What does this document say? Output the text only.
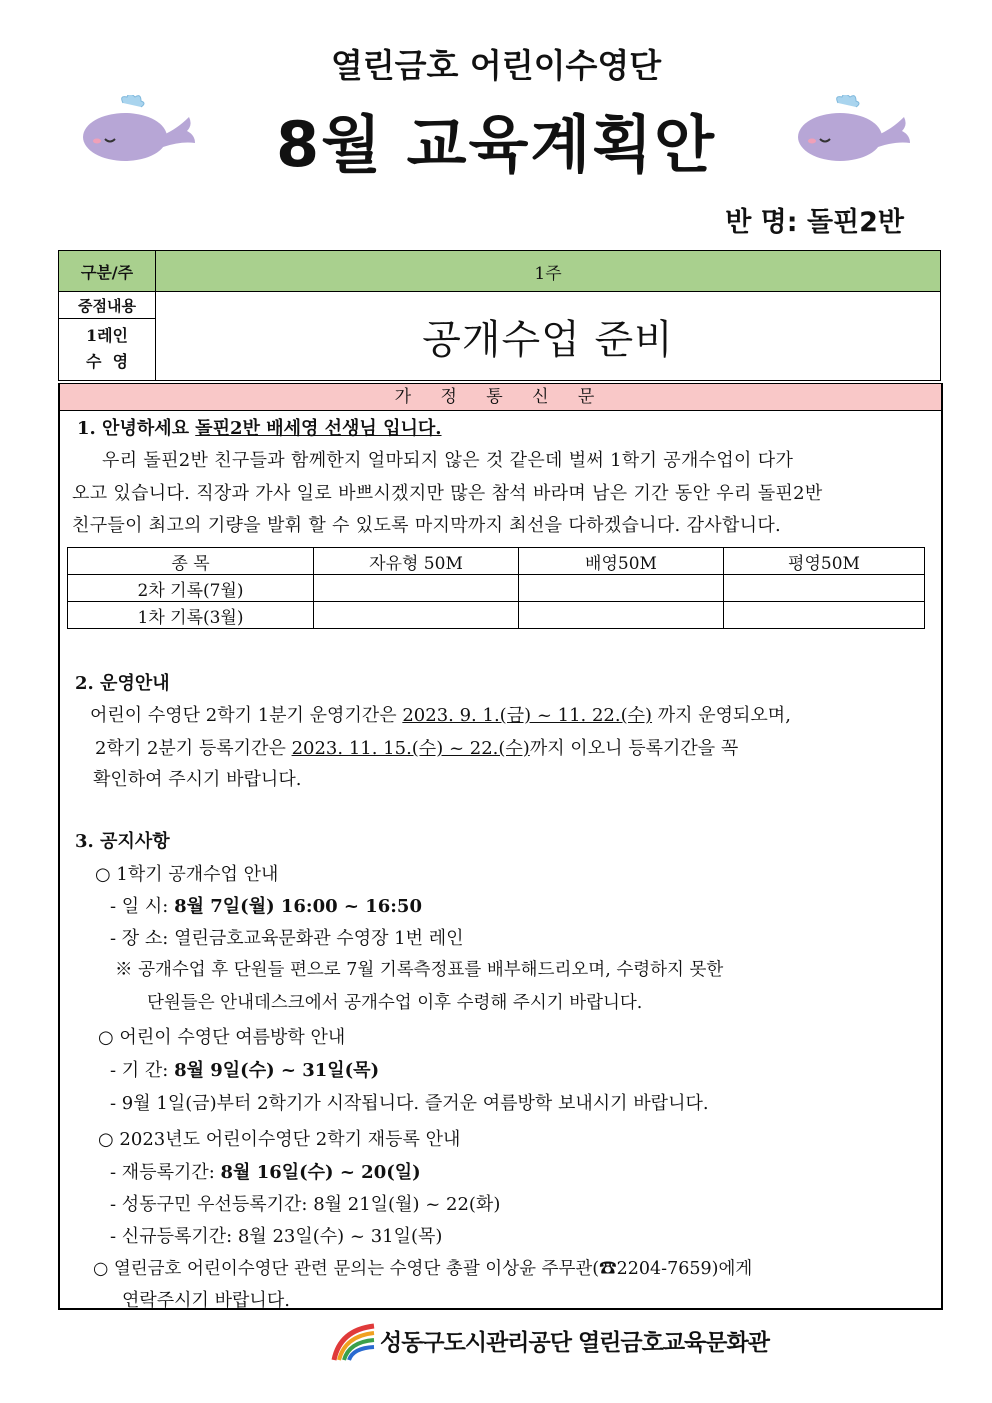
열린금호 어린이수영단
8월 교육계획안
반 명: 돌핀2반
구분/주	1주

중점내용
1레인
수  영	공개수업 준비
가 정 통 신 문
1. 안녕하세요 돌핀2반 배세영 선생님 입니다.
우리 돌핀2반 친구들과 함께한지 얼마되지 않은 것 같은데 벌써 1학기 공개수업이 다가
오고 있습니다. 직장과 가사 일로 바쁘시겠지만 많은 참석 바라며 남은 기간 동안 우리 돌핀2반
친구들이 최고의 기량을 발휘 할 수 있도록 마지막까지 최선을 다하겠습니다. 감사합니다.
종 목	자유형 50M	배영50M	평영50M
2차 기록(7월)			
1차 기록(3월)			
2. 운영안내
어린이 수영단 2학기 1분기 운영기간은 2023. 9. 1.(금) ~ 11. 22.(수) 까지 운영되오며,
2학기 2분기 등록기간은 2023. 11. 15.(수) ~ 22.(수)까지 이오니 등록기간을 꼭
확인하여 주시기 바랍니다.
3. 공지사항
○ 1학기 공개수업 안내
- 일 시: 8월 7일(월) 16:00 ~ 16:50
- 장 소: 열린금호교육문화관 수영장 1번 레인
※ 공개수업 후 단원들 편으로 7월 기록측정표를 배부해드리오며, 수령하지 못한
단원들은 안내데스크에서 공개수업 이후 수령해 주시기 바랍니다.
○ 어린이 수영단 여름방학 안내
- 기 간: 8월 9일(수) ~ 31일(목)
- 9월 1일(금)부터 2학기가 시작됩니다. 즐거운 여름방학 보내시기 바랍니다.
○ 2023년도 어린이수영단 2학기 재등록 안내
- 재등록기간: 8월 16일(수) ~ 20(일)
- 성동구민 우선등록기간: 8월 21일(월) ~ 22(화)
- 신규등록기간: 8월 23일(수) ~ 31일(목)
○ 열린금호 어린이수영단 관련 문의는 수영단 총괄 이상윤 주무관(☎2204-7659)에게
연락주시기 바랍니다.
성동구도시관리공단 열린금호교육문화관
